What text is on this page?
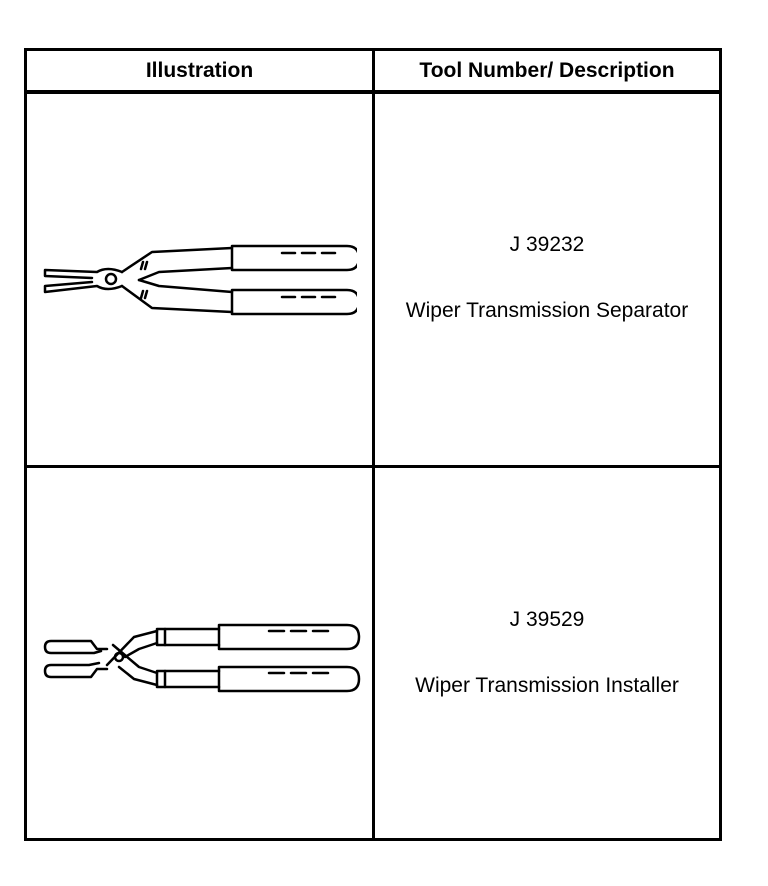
Illustration	Tool Number/ Description
J 39232
Wiper Transmission Separator
J 39529
Wiper Transmission Installer
